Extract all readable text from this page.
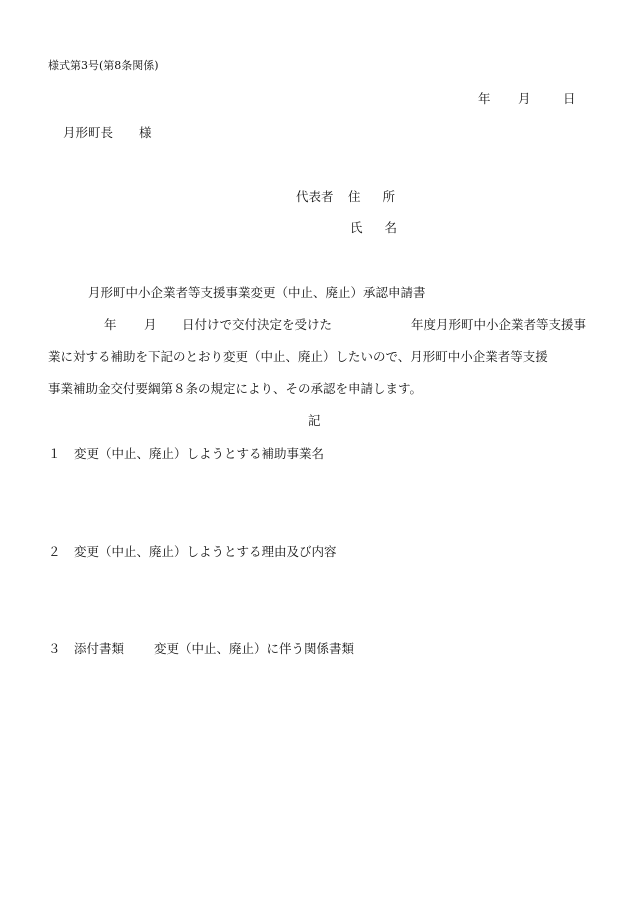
様式第3号(第8条関係)
年	月	日
月形町長	様
代表者	住 所
氏 名
月形町中小企業者等支援事業変更（中止、廃止）承認申請書
年	月	日付けで交付決定を受けた	年度月形町中小企業者等支援事
業に対する補助を下記のとおり変更（中止、廃止）したいので、月形町中小企業者等支援
事業補助金交付要綱第８条の規定により、その承認を申請します。
記
１	変更（中止、廃止）しようとする補助事業名
２	変更（中止、廃止）しようとする理由及び内容
３	添付書類	変更（中止、廃止）に伴う関係書類
